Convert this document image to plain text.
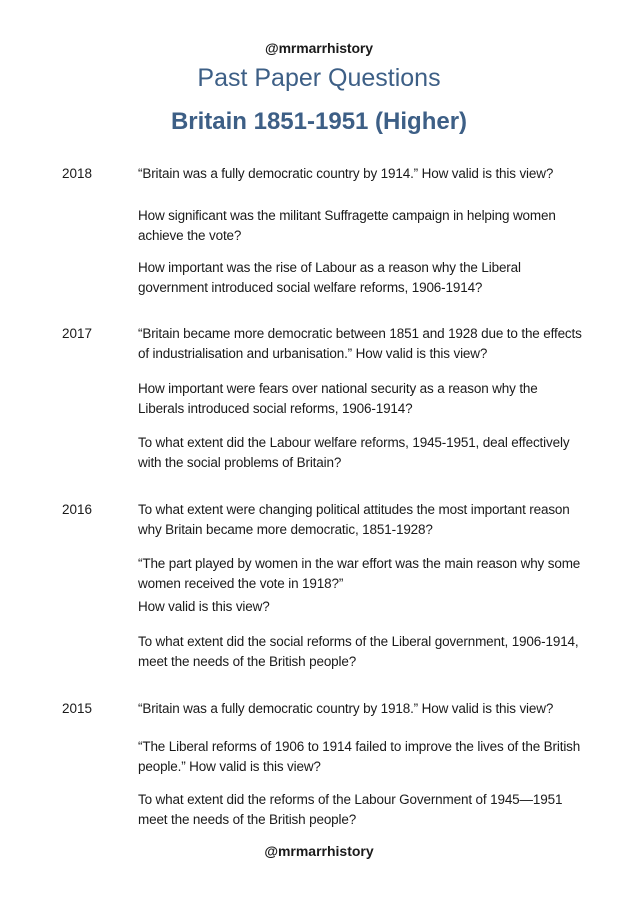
@mrmarrhistory
Past Paper Questions
Britain 1851-1951 (Higher)
2018	“Britain was a fully democratic country by 1914.” How valid is this view?
How significant was the militant Suffragette campaign in helping women achieve the vote?
How important was the rise of Labour as a reason why the Liberal government introduced social welfare reforms, 1906-1914?
2017	“Britain became more democratic between 1851 and 1928 due to the effects of industrialisation and urbanisation.” How valid is this view?
How important were fears over national security as a reason why the Liberals introduced social reforms, 1906-1914?
To what extent did the Labour welfare reforms, 1945-1951, deal effectively with the social problems of Britain?
2016	To what extent were changing political attitudes the most important reason why Britain became more democratic, 1851-1928?
“The part played by women in the war effort was the main reason why some women received the vote in 1918?”
How valid is this view?
To what extent did the social reforms of the Liberal government, 1906-1914, meet the needs of the British people?
2015	“Britain was a fully democratic country by 1918.” How valid is this view?
“The Liberal reforms of 1906 to 1914 failed to improve the lives of the British people.” How valid is this view?
To what extent did the reforms of the Labour Government of 1945—1951 meet the needs of the British people?
@mrmarrhistory
